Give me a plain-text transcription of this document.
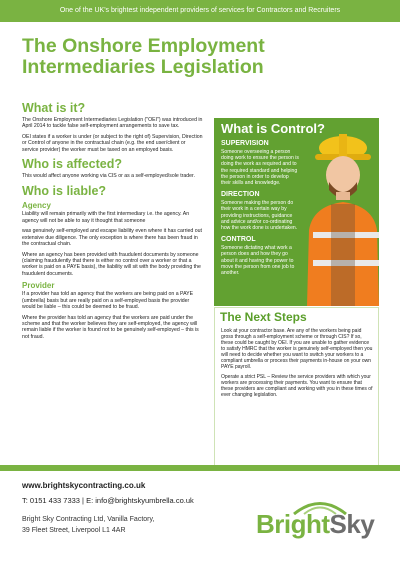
One of the UK's brightest independent providers of services for Contractors and Recruiters
The Onshore Employment Intermediaries Legislation
What is it?
The Onshore Employment Intermediaries Legislation ("OEI") was introduced in April 2014 to tackle false self-employment arrangements to save tax.
OEI states if a worker is under (or subject to the right of) Supervision, Direction or Control of anyone in the contractual chain (e.g. the end user/client or service provider) the worker must be taxed on an employed basis.
Who is affected?
This would affect anyone working via CIS or as a self-employed/sole trader.
Who is liable?
Agency
Liability will remain primarily with the first intermediary i.e. the agency. An agency will not be able to say it thought that someone
was genuinely self-employed and escape liability even where it has carried out extensive due diligence. The only exception is where there has been fraud in the contractual chain.
Where an agency has been provided with fraudulent documents by someone (claiming fraudulently that there is either no control over a worker or that a worker is paid on a PAYE basis), the liability will sit with the body providing the fraudulent documents.
Provider
If a provider has told an agency that the workers are being paid on a PAYE (umbrella) basis but are really paid on a self-employed basis the provider would be liable – this could be deemed to be fraud.
Where the provider has told an agency that the workers are paid under the scheme and that the worker believes they are self-employed, the agency will remain liable if the worker is found not to be genuinely self-employed – this is not fraud.
What is Control?
SUPERVISION
Someone overseeing a person doing work to ensure the person is doing the work as required and to the required standard and helping the person in order to develop their skills and knowledge.
DIRECTION
Someone making the person do their work in a certain way by providing instructions, guidance and advice and/or co-ordinating how the work done is undertaken.
CONTROL
Someone dictating what work a person does and how they go about it and having the power to move the person from one job to another.
The Next Steps
Look at your contractor base. Are any of the workers being paid gross through a self-employment scheme or through CIS? If so, these could be caught by OEI. If you are unable to gather evidence to satisfy HMRC that the worker is genuinely self-employed then you will need to decide whether you want to switch your workers to a compliant umbrella or process their payments in-house on your own PAYE payroll.
Operate a strict PSL – Review the service providers with which your workers are processing their payments. You want to ensure that these providers are compliant and working with you in these times of ever changing legislation.
www.brightskycontracting.co.uk
T: 0151 433 7333 | E: info@brightskyumbrella.co.uk
Bright Sky Contracting Ltd, Vanilla Factory,
39 Fleet Street, Liverpool L1 4AR	BrightSky
